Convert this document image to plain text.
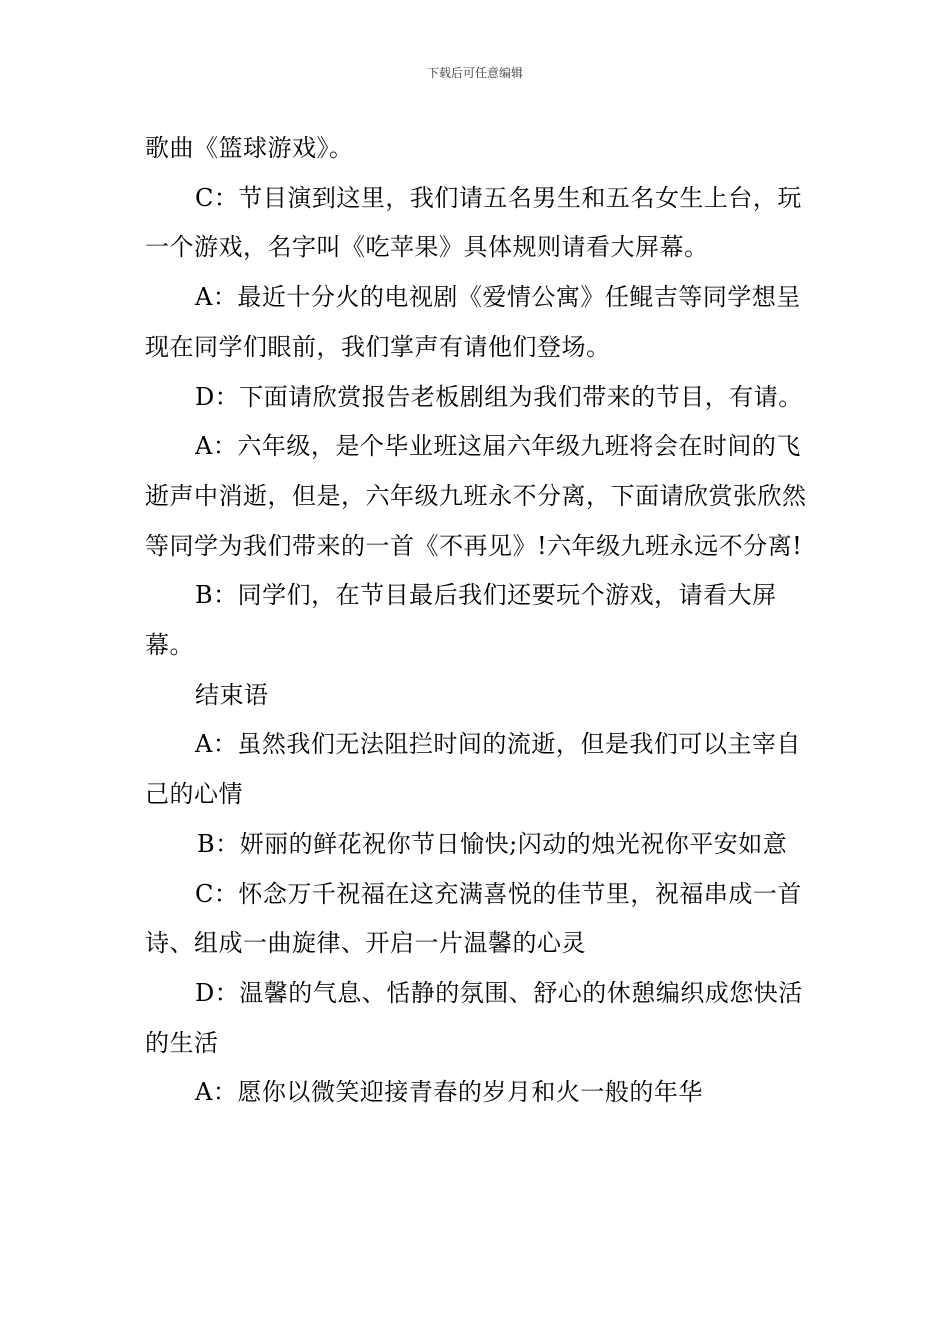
下载后可任意编辑

歌曲《篮球游戏》。

C：节目演到这里，我们请五名男生和五名女生上台，玩一个游戏，名字叫《吃苹果》具体规则请看大屏幕。

A：最近十分火的电视剧《爱情公寓》任鲲吉等同学想呈现在同学们眼前，我们掌声有请他们登场。

D：下面请欣赏报告老板剧组为我们带来的节目，有请。

A：六年级，是个毕业班这届六年级九班将会在时间的飞逝声中消逝，但是，六年级九班永不分离，下面请欣赏张欣然等同学为我们带来的一首《不再见》!六年级九班永远不分离!

B：同学们，在节目最后我们还要玩个游戏，请看大屏幕。

结束语

A：虽然我们无法阻拦时间的流逝，但是我们可以主宰自己的心情

B：妍丽的鲜花祝你节日愉快;闪动的烛光祝你平安如意

C：怀念万千祝福在这充满喜悦的佳节里，祝福串成一首诗、组成一曲旋律、开启一片温馨的心灵

D：温馨的气息、恬静的氛围、舒心的休憩编织成您快活的生活

A：愿你以微笑迎接青春的岁月和火一般的年华
